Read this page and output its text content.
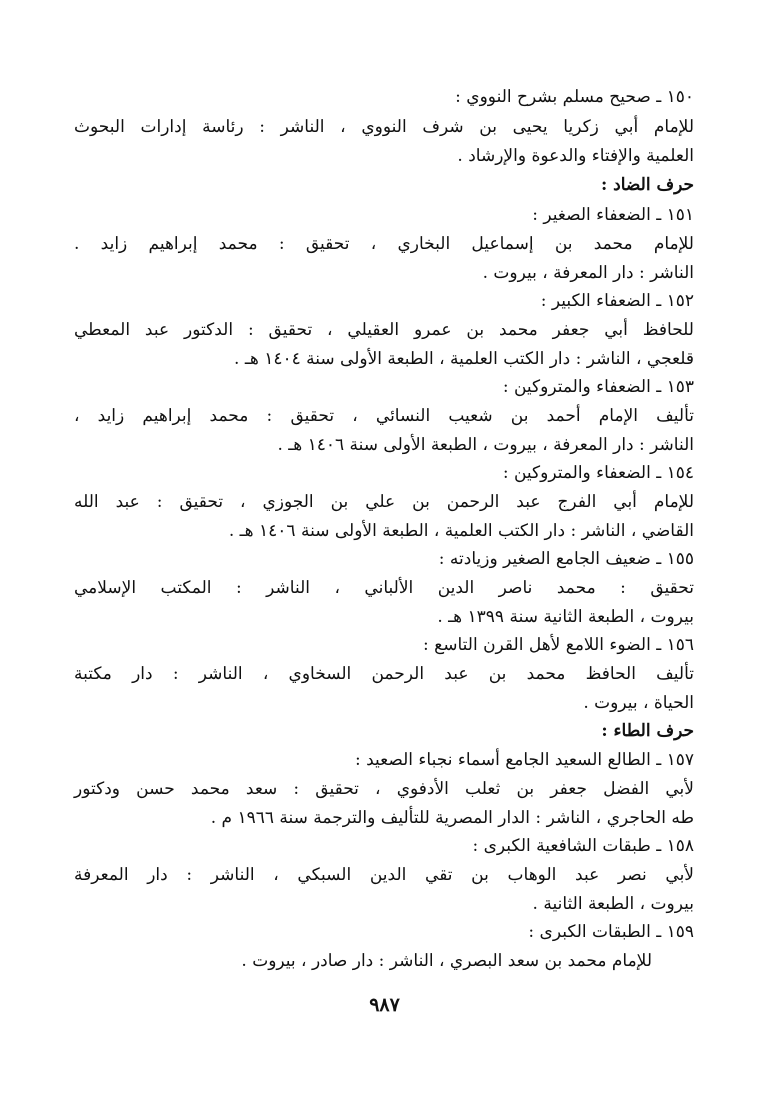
١٥٠ ـ صحيح مسلم بشرح النووي :
للإمام أبي زكريا يحيى بن شرف النووي ، الناشر : رئاسة إدارات البحوث
العلمية والإفتاء والدعوة والإرشاد .
حرف الضاد :
١٥١ ـ الضعفاء الصغير :
للإمام محمد بن إسماعيل البخاري ، تحقيق : محمد إبراهيم زايد .
الناشر : دار المعرفة ، بيروت .
١٥٢ ـ الضعفاء الكبير :
للحافظ أبي جعفر محمد بن عمرو العقيلي ، تحقيق : الدكتور عبد المعطي
قلعجي ، الناشر : دار الكتب العلمية ، الطبعة الأولى سنة ١٤٠٤ هـ .
١٥٣ ـ الضعفاء والمتروكين :
تأليف الإمام أحمد بن شعيب النسائي ، تحقيق : محمد إبراهيم زايد ،
الناشر : دار المعرفة ، بيروت ، الطبعة الأولى سنة ١٤٠٦ هـ .
١٥٤ ـ الضعفاء والمتروكين :
للإمام أبي الفرج عبد الرحمن بن علي بن الجوزي ، تحقيق : عبد الله
القاضي ، الناشر : دار الكتب العلمية ، الطبعة الأولى سنة ١٤٠٦ هـ .
١٥٥ ـ ضعيف الجامع الصغير وزيادته :
تحقيق : محمد ناصر الدين الألباني ، الناشر : المكتب الإسلامي
بيروت ، الطبعة الثانية سنة ١٣٩٩ هـ .
١٥٦ ـ الضوء اللامع لأهل القرن التاسع :
تأليف الحافظ محمد بن عبد الرحمن السخاوي ، الناشر : دار مكتبة
الحياة ، بيروت .
حرف الطاء :
١٥٧ ـ الطالع السعيد الجامع أسماء نجباء الصعيد :
لأبي الفضل جعفر بن ثعلب الأدفوي ، تحقيق : سعد محمد حسن ودكتور
طه الحاجري ، الناشر : الدار المصرية للتأليف والترجمة سنة ١٩٦٦ م .
١٥٨ ـ طبقات الشافعية الكبرى :
لأبي نصر عبد الوهاب بن تقي الدين السبكي ، الناشر : دار المعرفة
بيروت ، الطبعة الثانية .
١٥٩ ـ الطبقات الكبرى :
للإمام محمد بن سعد البصري ، الناشر : دار صادر ، بيروت .
٩٨٧
